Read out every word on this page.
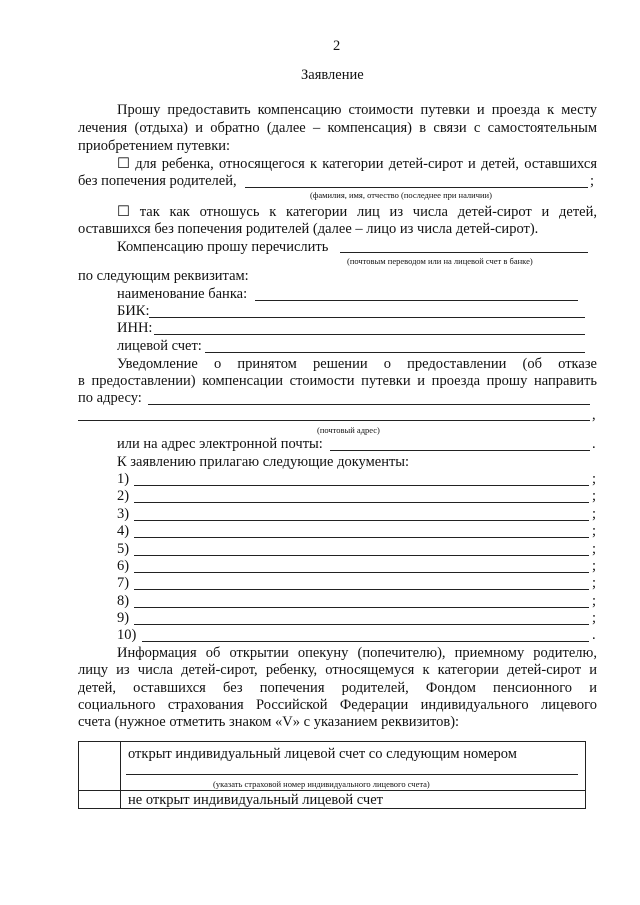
2
Заявление
Прошу предоставить компенсацию стоимости путевки и проезда к месту
лечения (отдыха) и обратно (далее – компенсация) в связи с самостоятельным
приобретением путевки:
☐ для ребенка, относящегося к категории детей-сирот и детей, оставшихся
без попечения родителей,	;
(фамилия, имя, отчество (последнее при наличии)
☐ так как отношусь к категории лиц из числа детей-сирот и детей,
оставшихся без попечения родителей (далее – лицо из числа детей-сирот).
Компенсацию прошу перечислить
(почтовым переводом или на лицевой счет в банке)
по следующим реквизитам:
наименование банка:
БИК:
ИНН:
лицевой счет:
Уведомление о принятом решении о предоставлении (об отказе
в предоставлении) компенсации стоимости путевки и проезда прошу направить
по адресу:
,
(почтовый адрес)
или на адрес электронной почты:	.
К заявлению прилагаю следующие документы:
1)	;
2)	;
3)	;
4)	;
5)	;
6)	;
7)	;
8)	;
9)	;
10)	.
Информация об открытии опекуну (попечителю), приемному родителю,
лицу из числа детей-сирот, ребенку, относящемуся к категории детей-сирот и
детей, оставшихся без попечения родителей, Фондом пенсионного и
социального страхования Российской Федерации индивидуального лицевого
счета (нужное отметить знаком «V» с указанием реквизитов):
открыт индивидуальный лицевой счет со следующим номером
(указать страховой номер индивидуального лицевого счета)
не открыт индивидуальный лицевой счет
